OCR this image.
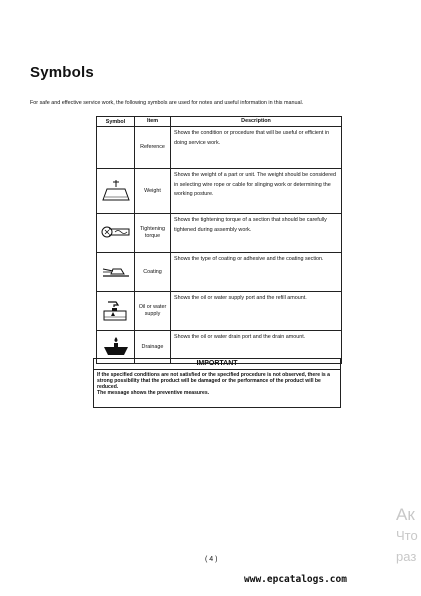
Symbols
For safe and effective service work, the following symbols are used for notes and useful information in this manual.
Symbol	Item	Description
	Reference	Shows the condition or procedure that will be useful or efficient in doing service work.

	Weight	Shows the weight of a part or unit. The weight should be considered in selecting wire rope or cable for slinging work or determining the working posture.

	Tightening torque	Shows the tightening torque of a section that should be carefully tightened during assembly work.

	Coating	Shows the type of coating or adhesive and the coating section.

	Oil or water supply	Shows the oil or water supply port and the refill amount.

	Drainage	Shows the oil or water drain port and the drain amount.
IMPORTANT
If the specified conditions are not satisfied or the specified procedure is not observed, there is a strong possibility that the product will be damaged or the performance of the product will be reduced.
The message shows the preventive measures.
Ак
Что
раз
( 4 )
www.epcatalogs.com
